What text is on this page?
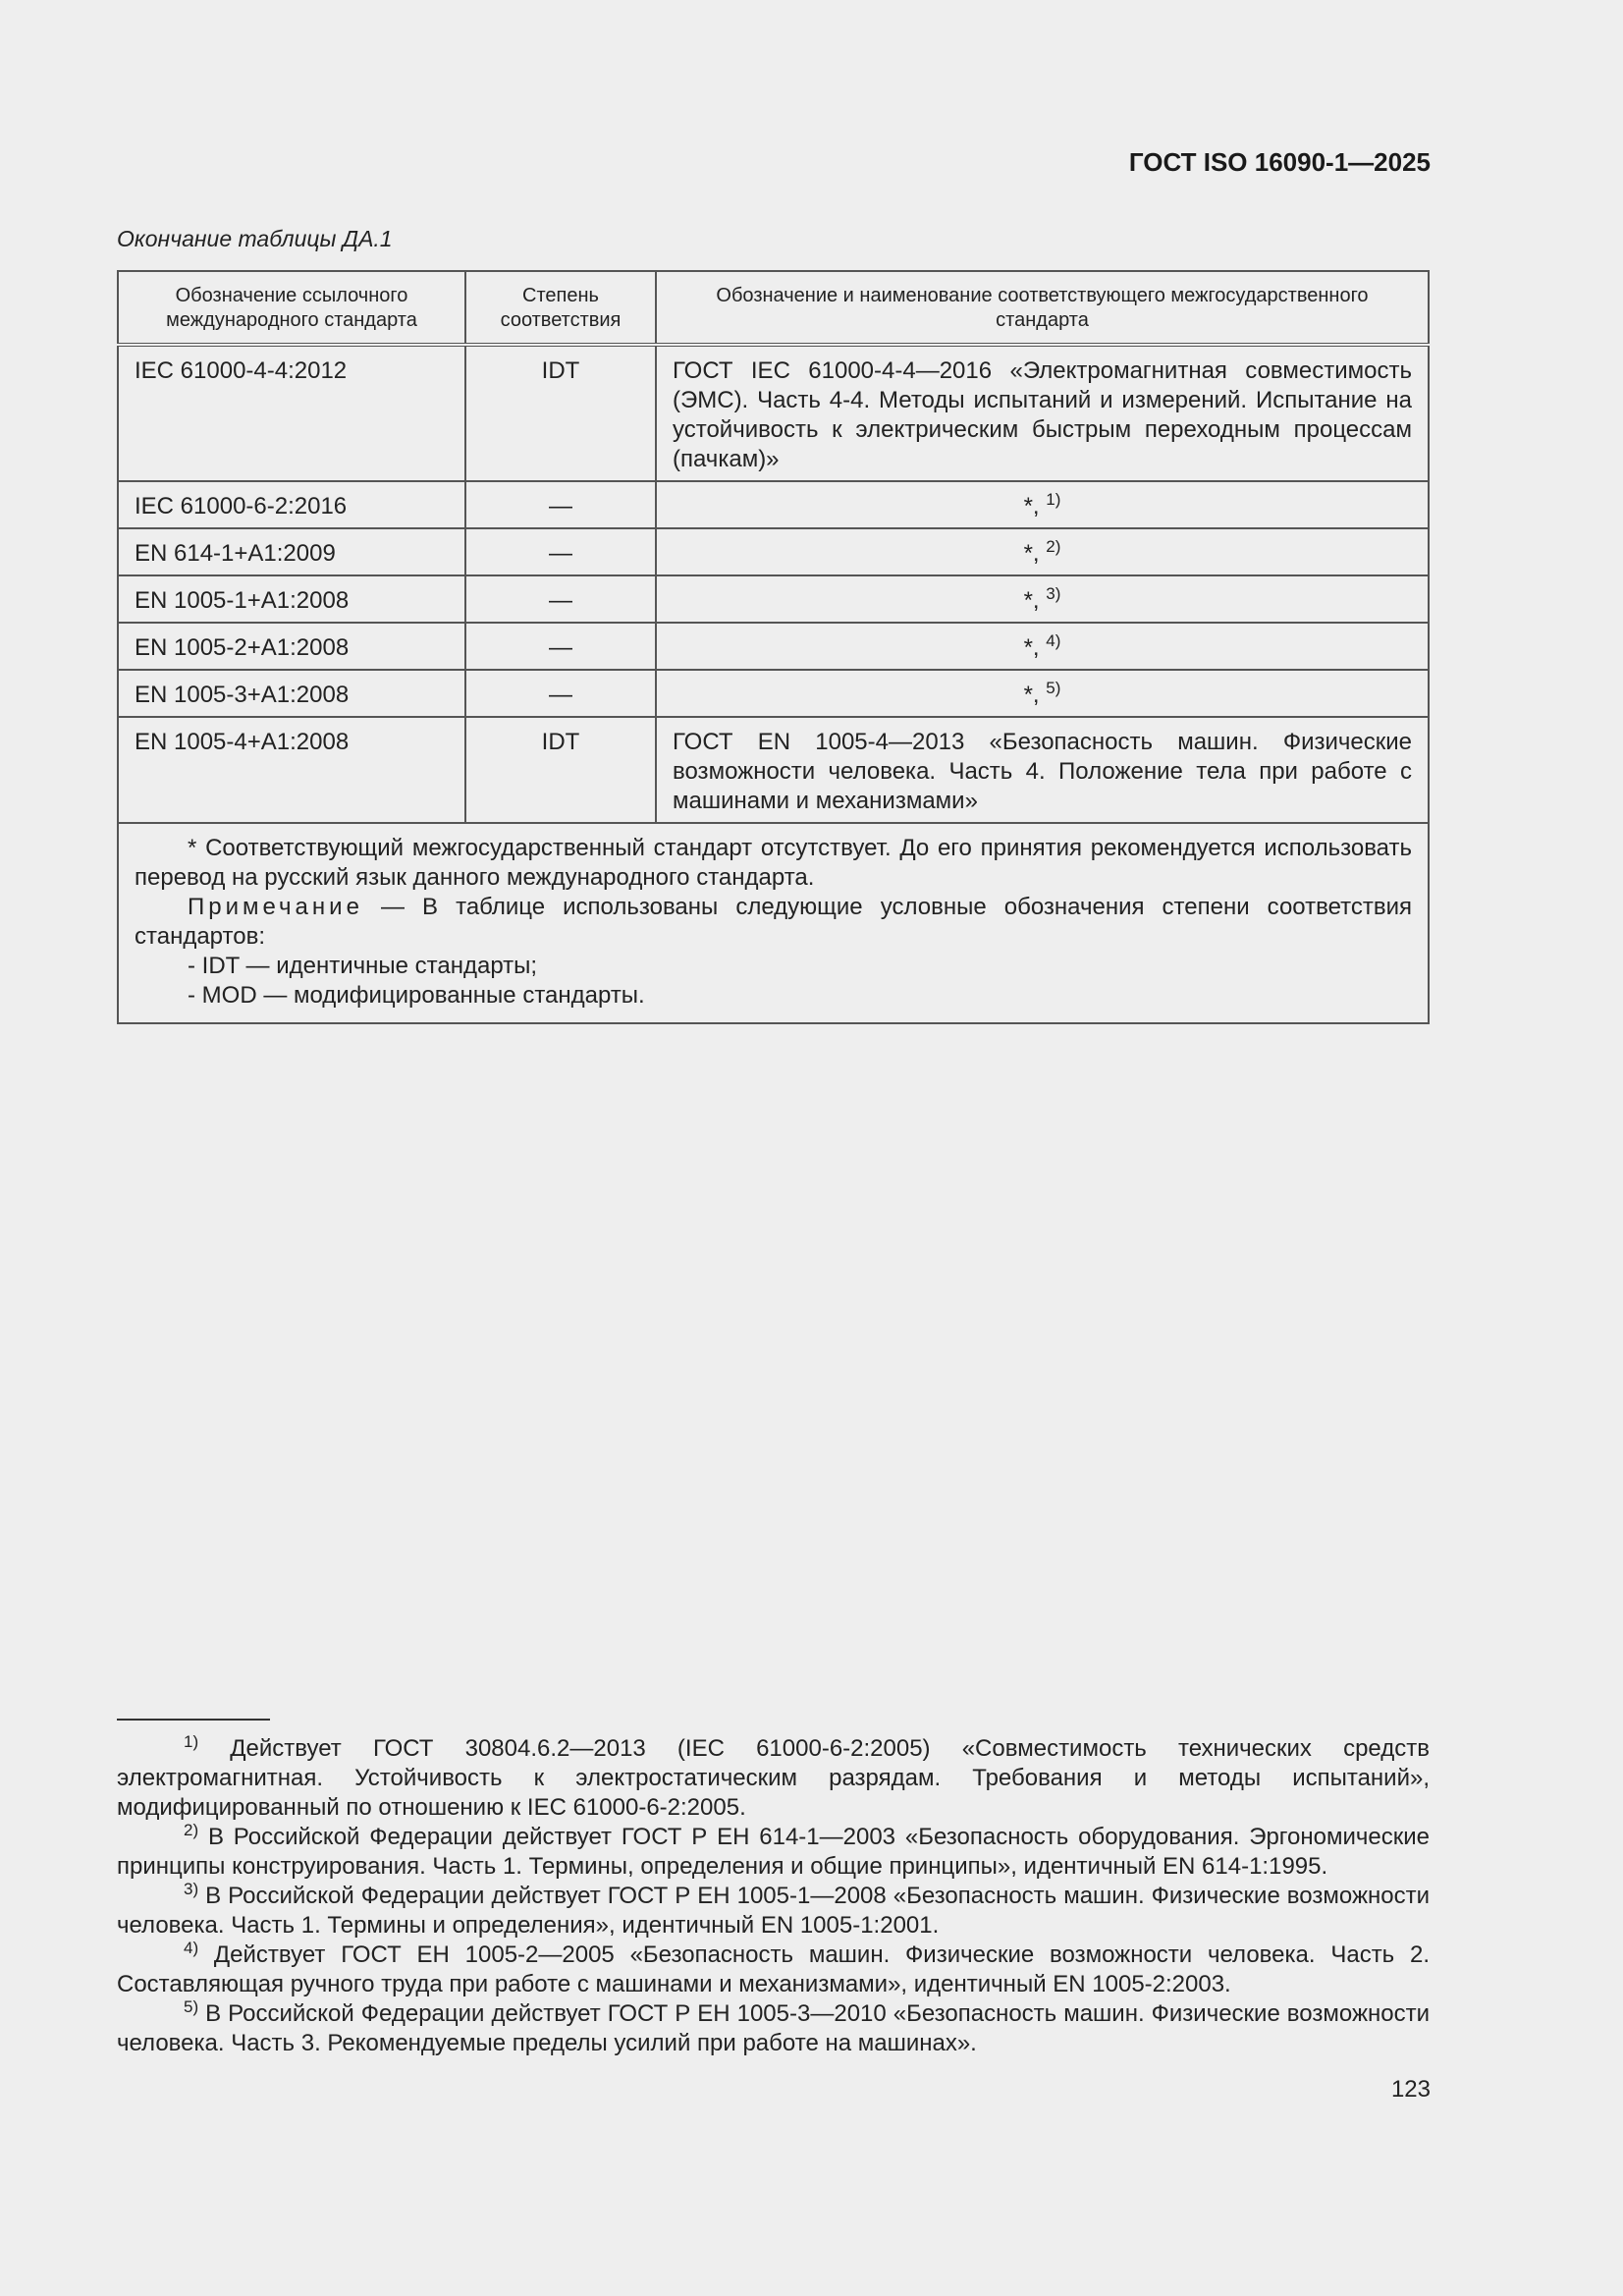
ГОСТ ISO 16090-1—2025
Окончание таблицы ДА.1
Обозначение ссылочного международного стандарта	Степень соответствия	Обозначение и наименование соответствующего межгосударственного стандарта
IEC 61000-4-4:2012	IDT	ГОСТ IEC 61000-4-4—2016 «Электромагнитная совместимость (ЭМС). Часть 4-4. Методы испытаний и измерений. Испытание на устойчивость к электрическим быстрым переходным процессам (пачкам)»
IEC 61000-6-2:2016	—	*, $^{1)}$
EN 614-1+A1:2009	—	*, $^{2)}$
EN 1005-1+A1:2008	—	*, $^{3)}$
EN 1005-2+A1:2008	—	*, $^{4)}$
EN 1005-3+A1:2008	—	*, $^{5)}$
EN 1005-4+A1:2008	IDT	ГОСТ EN 1005-4—2013 «Безопасность машин. Физические возможности человека. Часть 4. Положение тела при работе с машинами и механизмами»

* Соответствующий межгосударственный стандарт отсутствует. До его принятия рекомендуется использовать перевод на русский язык данного международного стандарта.

Примечание — В таблице использованы следующие условные обозначения степени соответствия стандартов:

- IDT — идентичные стандарты;

- MOD — модифицированные стандарты.		

$^{1)}$ Действует ГОСТ 30804.6.2—2013 (IEC 61000-6-2:2005) «Совместимость технических средств электромагнитная. Устойчивость к электростатическим разрядам. Требования и методы испытаний», модифицированный по отношению к IEC 61000-6-2:2005.

$^{2)}$ В Российской Федерации действует ГОСТ Р ЕН 614-1—2003 «Безопасность оборудования. Эргономические принципы конструирования. Часть 1. Термины, определения и общие принципы», идентичный EN 614-1:1995.

$^{3)}$ В Российской Федерации действует ГОСТ Р ЕН 1005-1—2008 «Безопасность машин. Физические возможности человека. Часть 1. Термины и определения», идентичный EN 1005-1:2001.

$^{4)}$ Действует ГОСТ ЕН 1005-2—2005 «Безопасность машин. Физические возможности человека. Часть 2. Составляющая ручного труда при работе с машинами и механизмами», идентичный EN 1005-2:2003.

$^{5)}$ В Российской Федерации действует ГОСТ Р ЕН 1005-3—2010 «Безопасность машин. Физические возможности человека. Часть 3. Рекомендуемые пределы усилий при работе на машинах».

123
